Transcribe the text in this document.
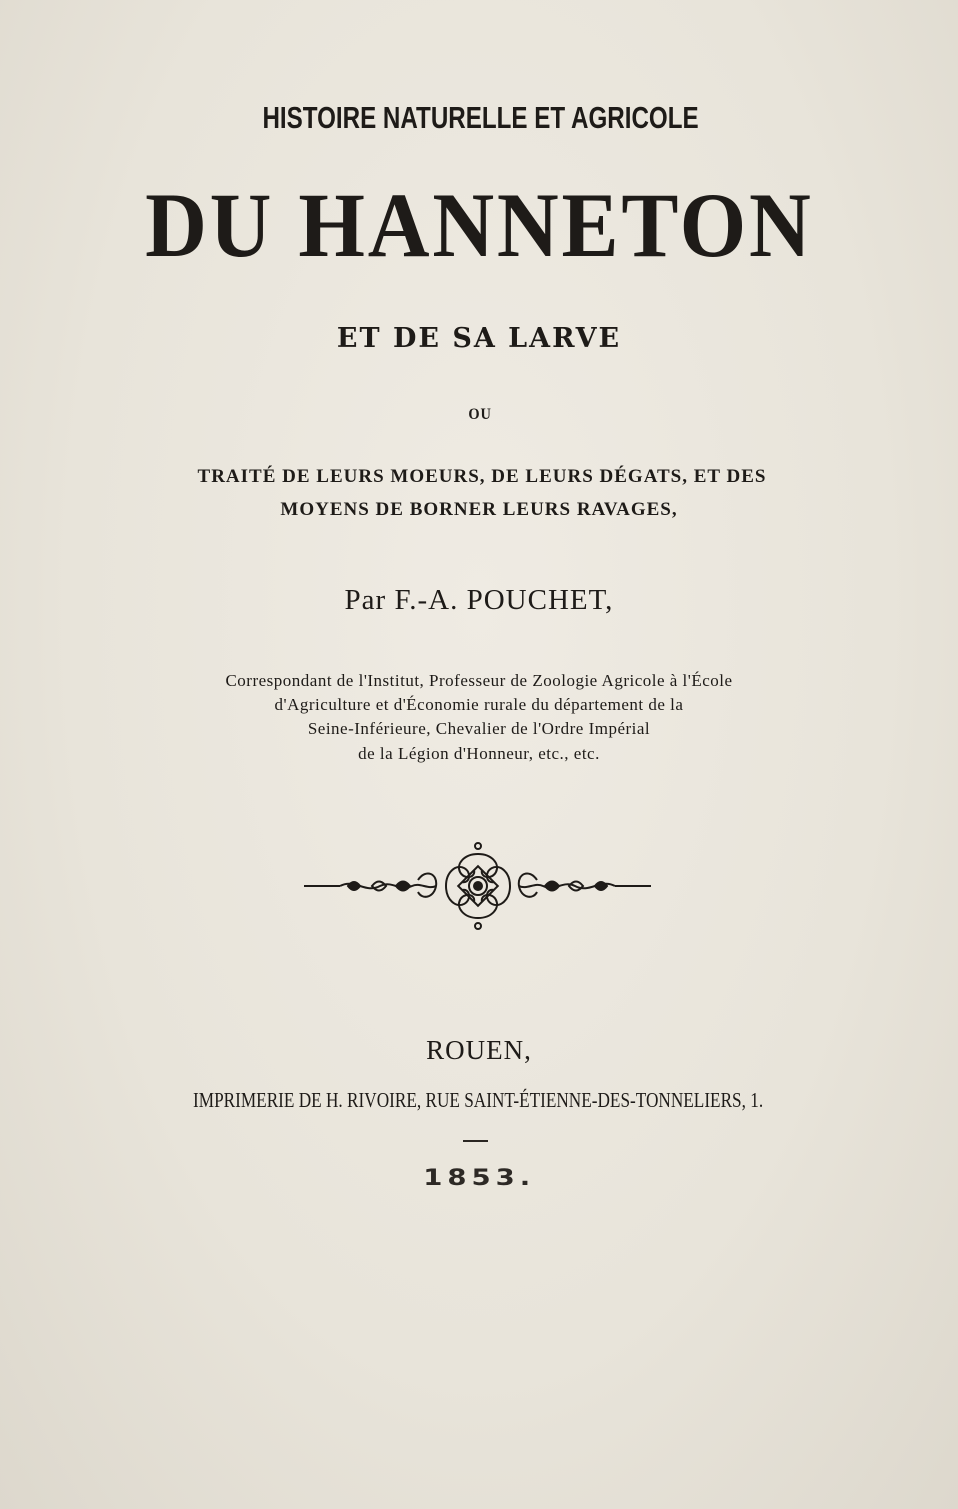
HISTOIRE NATURELLE ET AGRICOLE
DU HANNETON
ET DE SA LARVE
OU
TRAITÉ DE LEURS MOEURS, DE LEURS DÉGATS, ET DES
MOYENS DE BORNER LEURS RAVAGES,
Par F.-A. POUCHET,
Correspondant de l'Institut, Professeur de Zoologie Agricole à l'École
d'Agriculture et d'Économie rurale du département de la
Seine-Inférieure, Chevalier de l'Ordre Impérial
de la Légion d'Honneur, etc., etc.
ROUEN,
IMPRIMERIE DE H. RIVOIRE, RUE SAINT-ÉTIENNE-DES-TONNELIERS, 1.
1853.
